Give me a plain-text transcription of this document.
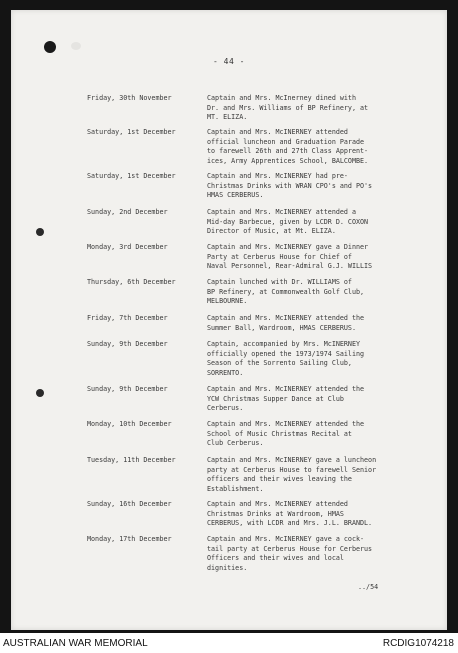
- 44 -
Friday, 30th November	Captain and Mrs. McInerney dined with
Dr. and Mrs. Williams of BP Refinery, at
MT. ELIZA.
Saturday, 1st December	Captain and Mrs. McINERNEY attended
official luncheon and Graduation Parade
to farewell 26th and 27th Class Apprent-
ices, Army Apprentices School, BALCOMBE.
Saturday, 1st December	Captain and Mrs. McINERNEY had pre-
Christmas Drinks with WRAN CPO's and PO's
HMAS CERBERUS.
Sunday, 2nd December	Captain and Mrs. McINERNEY attended a
Mid-day Barbecue, given by LCDR D. COXON
Director of Music, at Mt. ELIZA.
Monday, 3rd December	Captain and Mrs. McINERNEY gave a Dinner
Party at Cerberus House for Chief of
Naval Personnel, Rear-Admiral G.J. WILLIS
Thursday, 6th December	Captain lunched with Dr. WILLIAMS of
BP Refinery, at Commonwealth Golf Club,
MELBOURNE.
Friday, 7th December	Captain and Mrs. McINERNEY attended the
Summer Ball, Wardroom, HMAS CERBERUS.
Sunday, 9th December	Captain, accompanied by Mrs. McINERNEY
officially opened the 1973/1974 Sailing
Season of the Sorrento Sailing Club,
SORRENTO.
Sunday, 9th December	Captain and Mrs. McINERNEY attended the
YCW Christmas Supper Dance at Club
Cerberus.
Monday, 10th December	Captain and Mrs. McINERNEY attended the
School of Music Christmas Recital at
Club Cerberus.
Tuesday, 11th December	Captain and Mrs. McINERNEY gave a luncheon
party at Cerberus House to farewell Senior
officers and their wives leaving the
Establishment.
Sunday, 16th December	Captain and Mrs. McINERNEY attended
Christmas Drinks at Wardroom, HMAS
CERBERUS, with LCDR and Mrs. J.L. BRANDL.
Monday, 17th December	Captain and Mrs. McINERNEY gave a cock-
tail party at Cerberus House for Cerberus
Officers and their wives and local
dignities.
../54
AUSTRALIAN WAR MEMORIAL	RCDIG1074218
